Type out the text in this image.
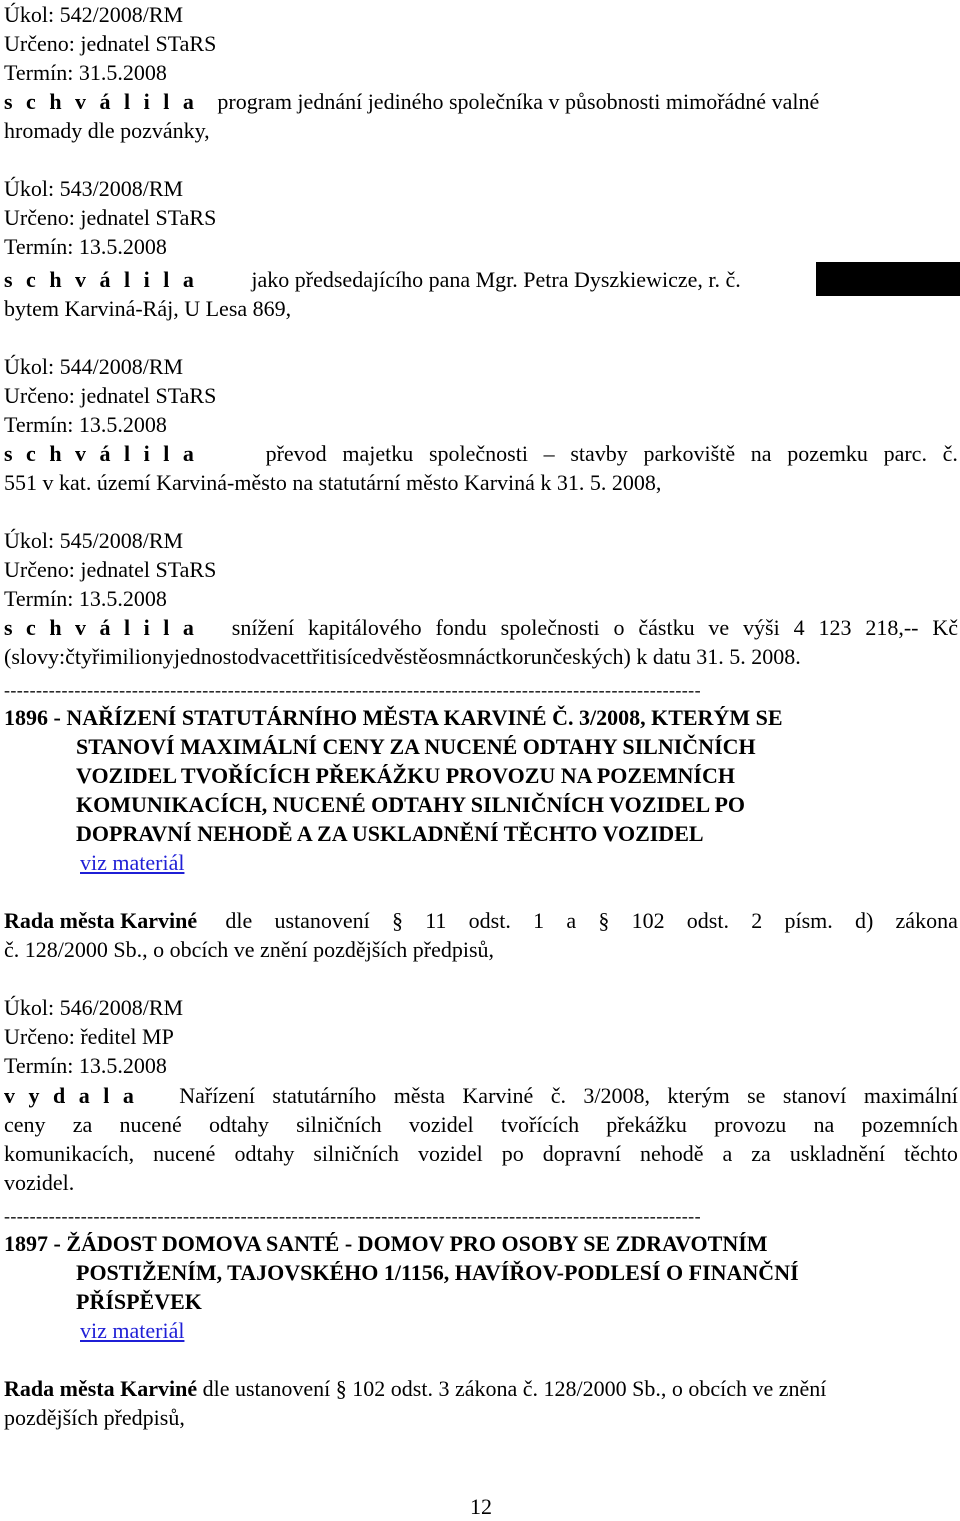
Úkol: 542/2008/RM
Určeno: jednatel STaRS
Termín: 31.5.2008
s c h v á l i l a program jednání jediného společníka v působnosti mimořádné valné
hromady dle pozvánky,
Úkol: 543/2008/RM
Určeno: jednatel STaRS
Termín: 13.5.2008
s c h v á l i l a jako předsedajícího pana Mgr. Petra Dyszkiewicze, r. č.
bytem Karviná-Ráj, U Lesa 869,
Úkol: 544/2008/RM
Určeno: jednatel STaRS
Termín: 13.5.2008
s c h v á l i l a	převod majetku společnosti – stavby parkoviště na pozemku parc. č.
551 v kat. území Karviná-město na statutární město Karviná k 31. 5. 2008,
Úkol: 545/2008/RM
Určeno: jednatel STaRS
Termín: 13.5.2008
s c h v á l i l a snížení kapitálového fondu společnosti o částku ve výši 4 123 218,-- Kč
(slovy:čtyřimilionyjednostodvacettřitisícedvěstěosmnáctkorunčeských) k datu 31. 5. 2008.
-------------------------------------------------------------------------------------------------------------
1896 - NAŘÍZENÍ STATUTÁRNÍHO MĚSTA KARVINÉ Č. 3/2008, KTERÝM SE
STANOVÍ MAXIMÁLNÍ CENY ZA NUCENÉ ODTAHY SILNIČNÍCH
VOZIDEL TVOŘÍCÍCH PŘEKÁŽKU PROVOZU NA POZEMNÍCH
KOMUNIKACÍCH, NUCENÉ ODTAHY SILNIČNÍCH VOZIDEL PO
DOPRAVNÍ NEHODĚ A ZA USKLADNĚNÍ TĚCHTO VOZIDEL
viz materiál
Rada města Karviné dle ustanovení § 11 odst. 1 a § 102 odst. 2 písm. d) zákona
č. 128/2000 Sb., o obcích ve znění pozdějších předpisů,
Úkol: 546/2008/RM
Určeno: ředitel MP
Termín: 13.5.2008
v y d a l a Nařízení statutárního města Karviné č. 3/2008, kterým se stanoví maximální
ceny za nucené odtahy silničních vozidel tvořících překážku provozu na pozemních
komunikacích, nucené odtahy silničních vozidel po dopravní nehodě a za uskladnění těchto
vozidel.
-------------------------------------------------------------------------------------------------------------
1897 - ŽÁDOST DOMOVA SANTÉ - DOMOV PRO OSOBY SE ZDRAVOTNÍM
POSTIŽENÍM, TAJOVSKÉHO 1/1156, HAVÍŘOV-PODLESÍ O FINANČNÍ
PŘÍSPĚVEK
viz materiál
Rada města Karviné dle ustanovení § 102 odst. 3 zákona č. 128/2000 Sb., o obcích ve znění
pozdějších předpisů,
12
